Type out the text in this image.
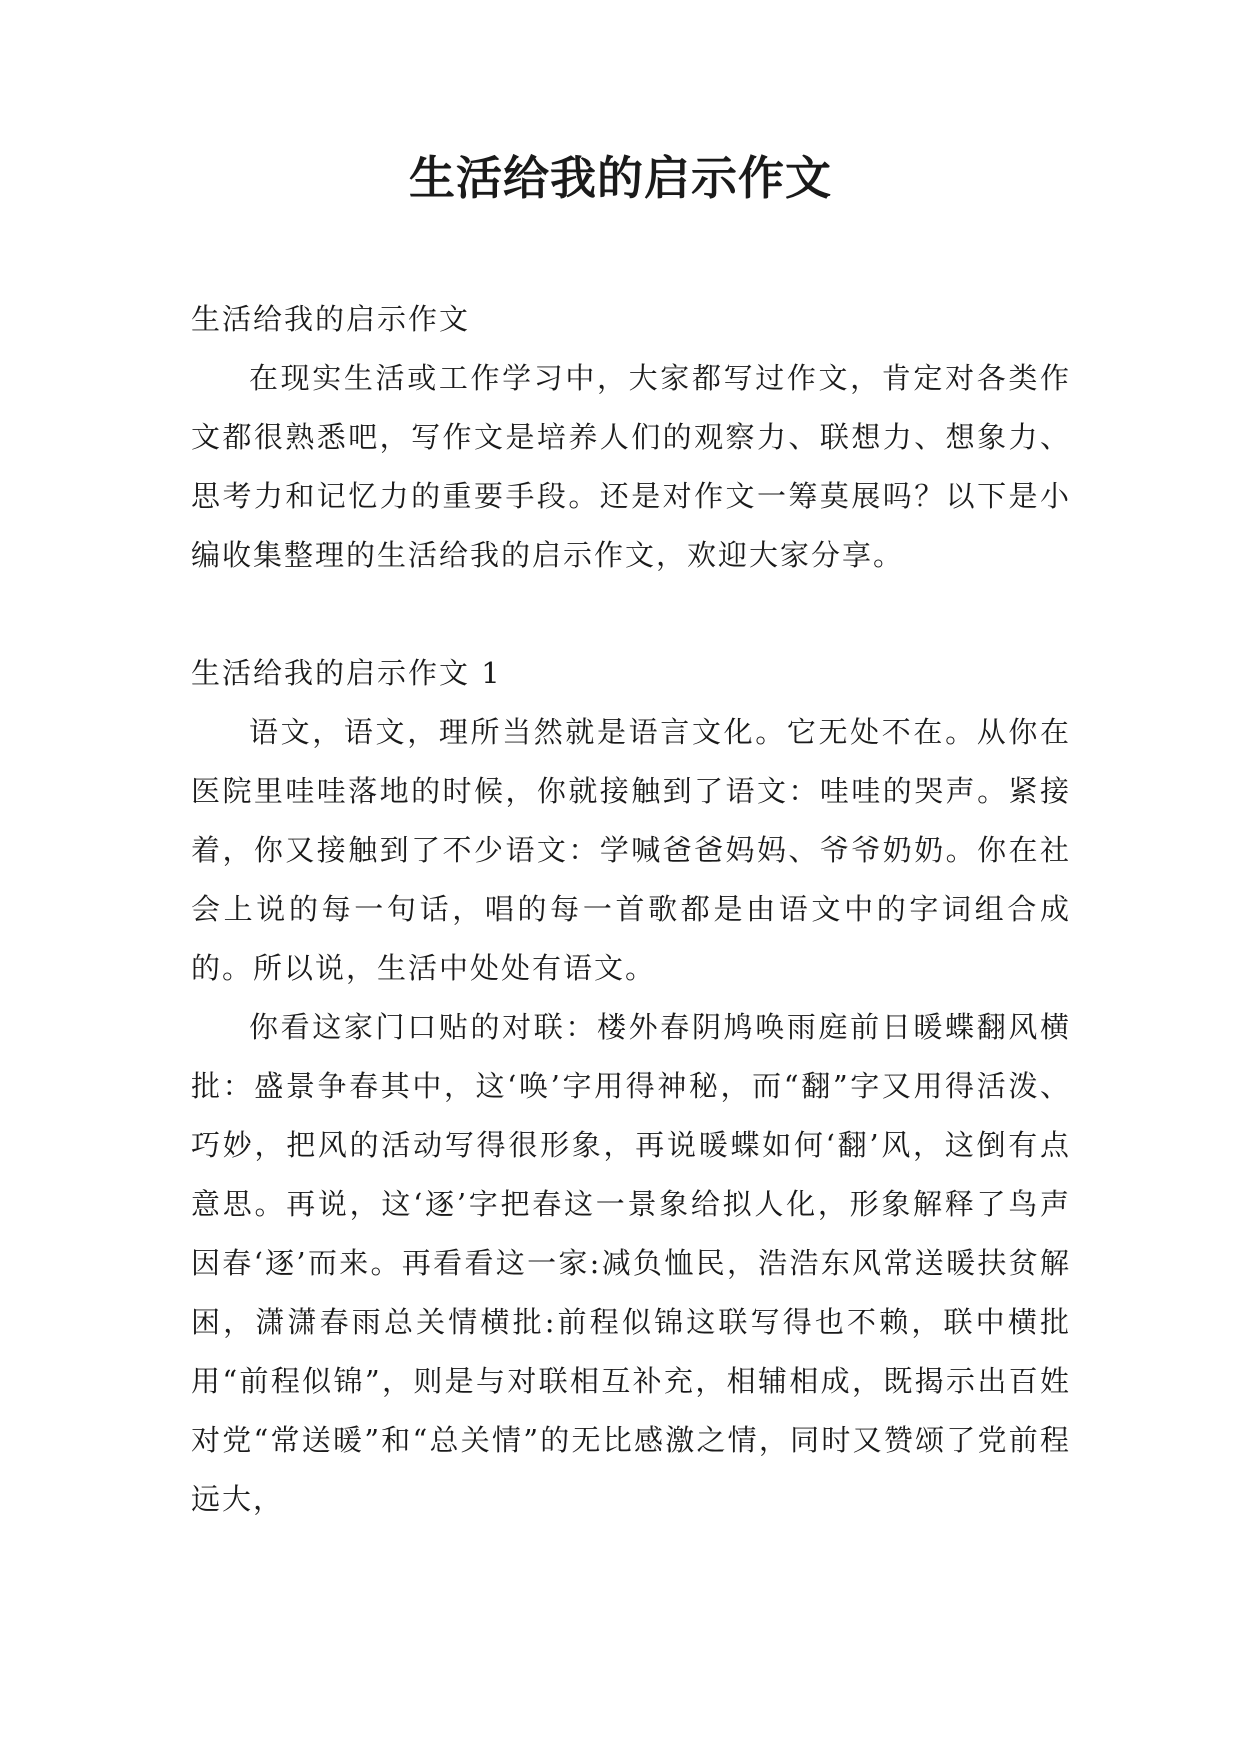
生活给我的启示作文

生活给我的启示作文

在现实生活或工作学习中，大家都写过作文，肯定对各类作文都很熟悉吧，写作文是培养人们的观察力、联想力、想象力、思考力和记忆力的重要手段。还是对作文一筹莫展吗？以下是小编收集整理的生活给我的启示作文，欢迎大家分享。

生活给我的启示作文 1

语文，语文，理所当然就是语言文化。它无处不在。从你在医院里哇哇落地的时候，你就接触到了语文：哇哇的哭声。紧接着，你又接触到了不少语文：学喊爸爸妈妈、爷爷奶奶。你在社会上说的每一句话，唱的每一首歌都是由语文中的字词组合成的。所以说，生活中处处有语文。

你看这家门口贴的对联：楼外春阴鸠唤雨庭前日暖蝶翻风横批：盛景争春其中，这‘唤’字用得神秘，而“翻”字又用得活泼、巧妙，把风的活动写得很形象，再说暖蝶如何‘翻’风，这倒有点意思。再说，这‘逐’字把春这一景象给拟人化，形象解释了鸟声因春‘逐’而来。再看看这一家:减负恤民，浩浩东风常送暖扶贫解困，潇潇春雨总关情横批:前程似锦这联写得也不赖，联中横批用“前程似锦”，则是与对联相互补充，相辅相成，既揭示出百姓对党“常送暖”和“总关情”的无比感激之情，同时又赞颂了党前程远大，
